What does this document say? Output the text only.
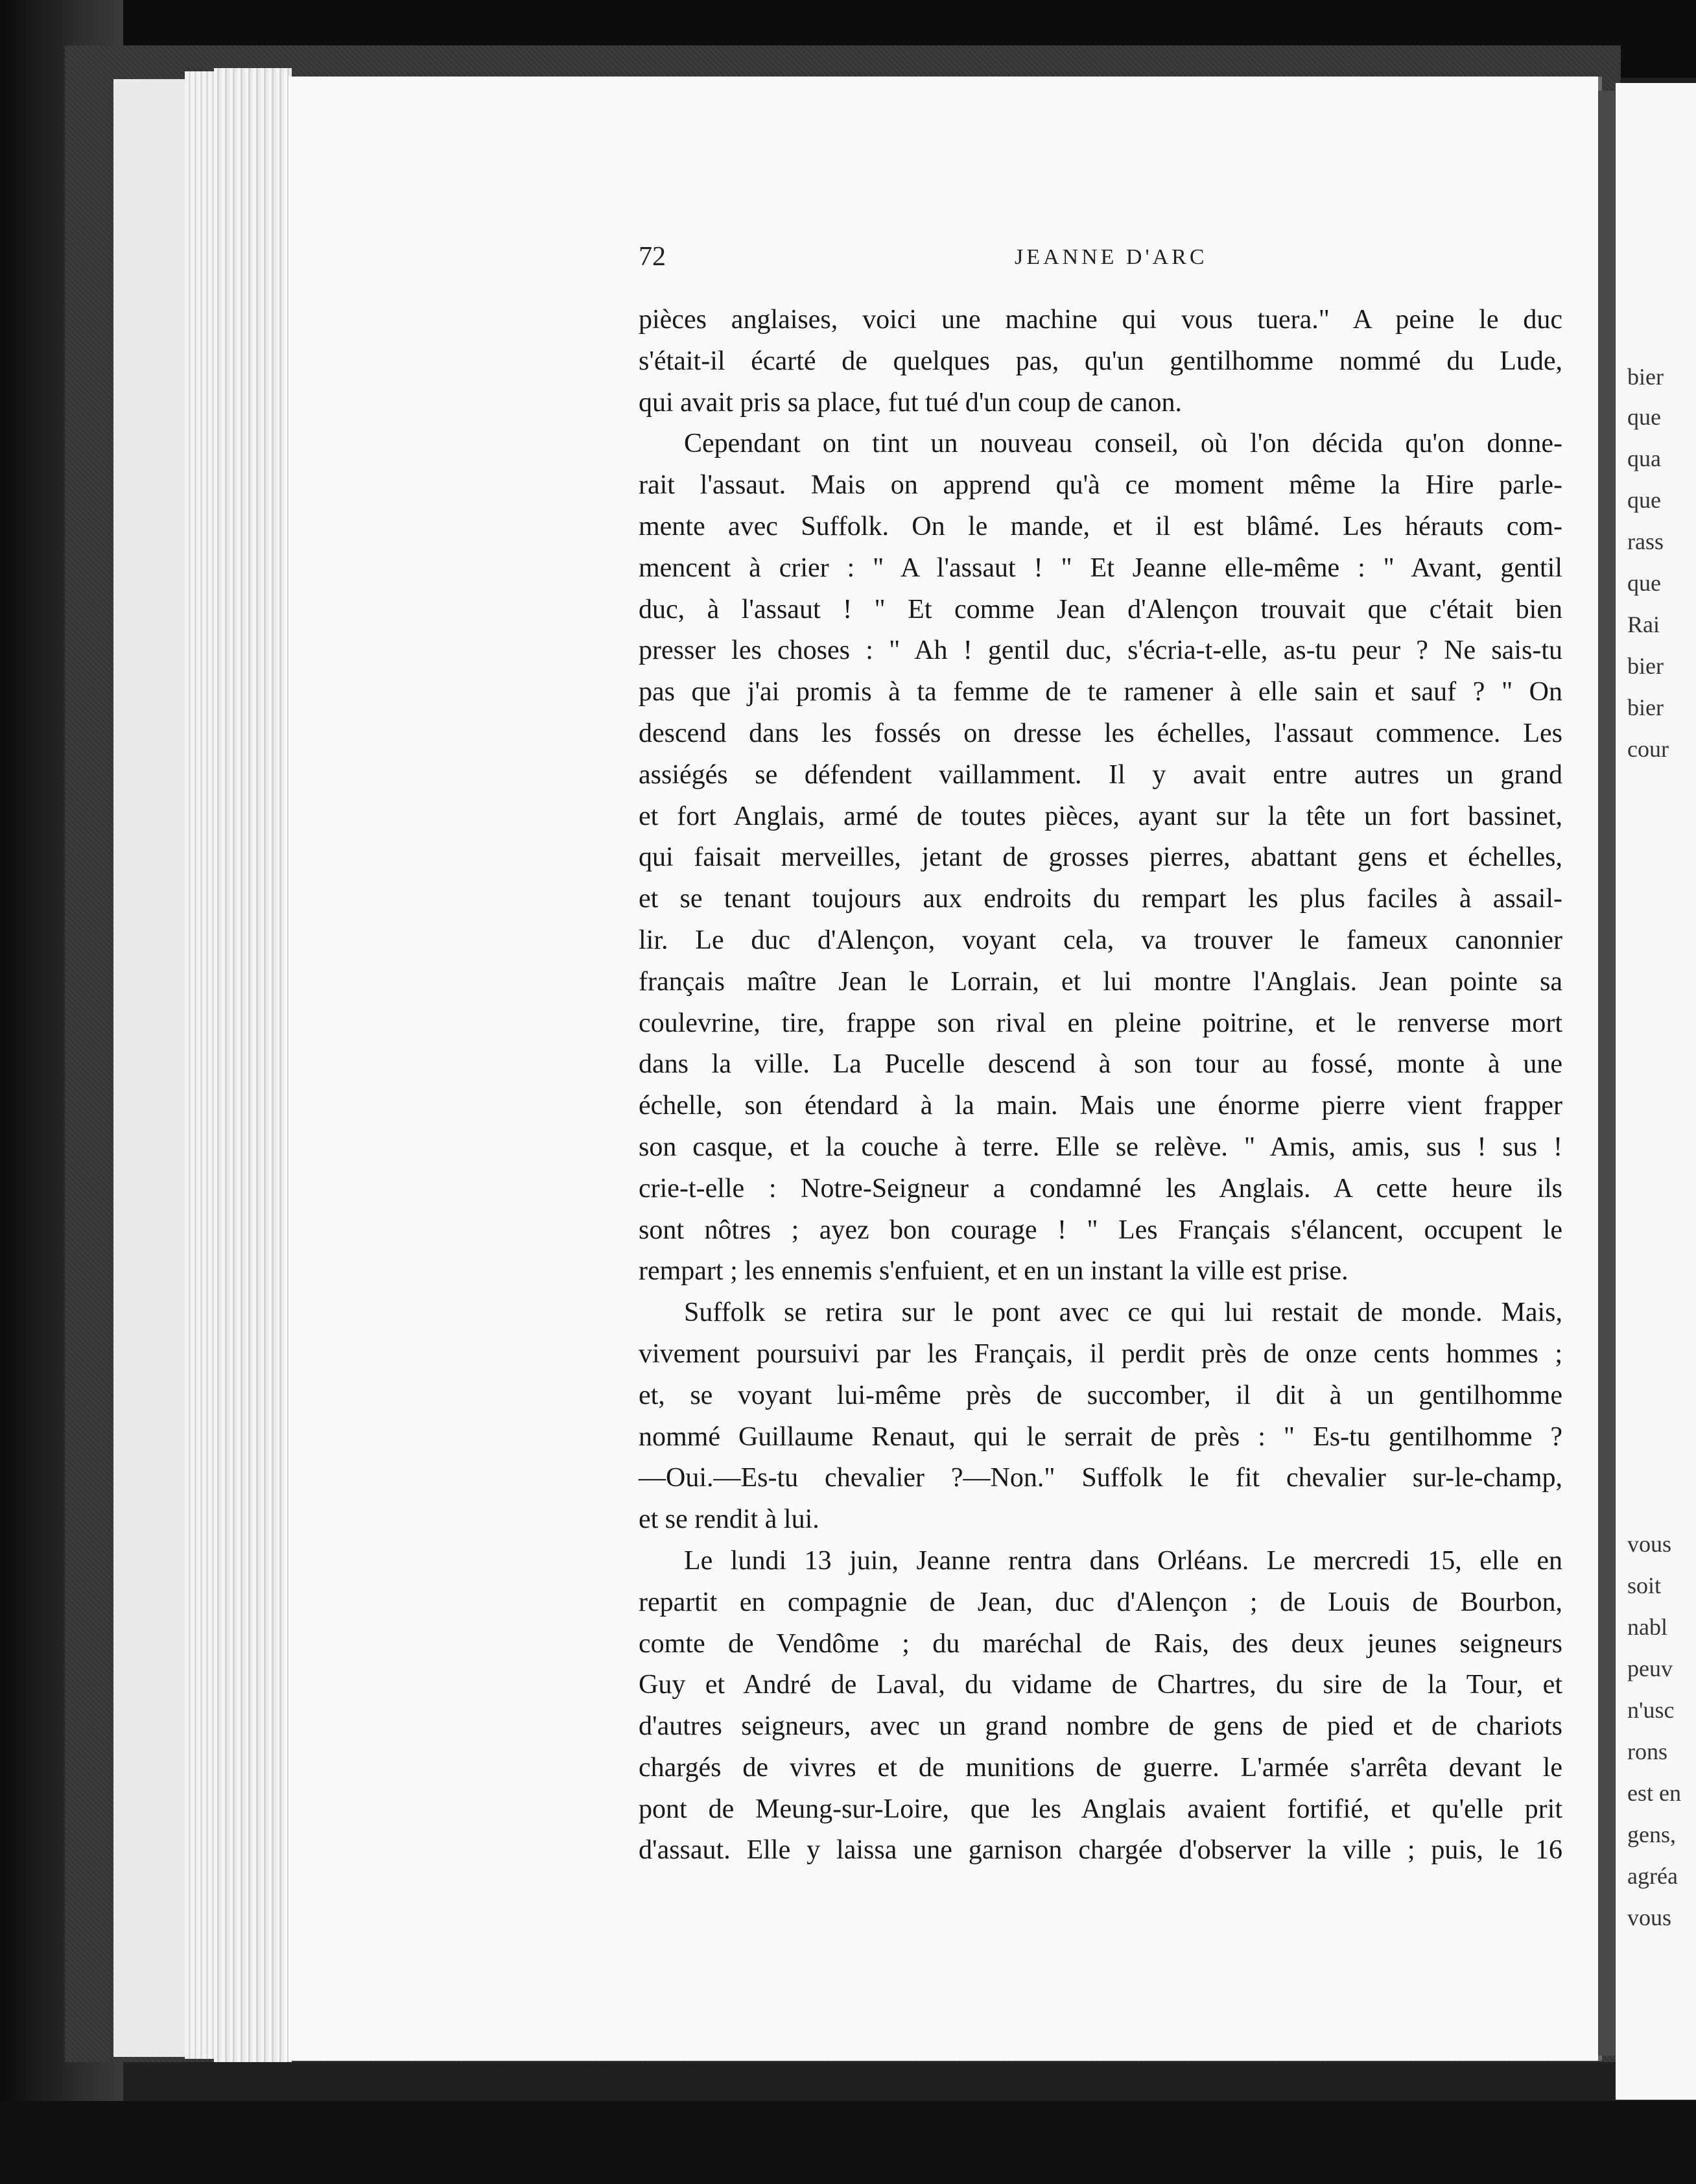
bier
que
qua
que
rass
que
Rai
bier
bier
cour
vous
soit
nabl
peuv
n'usc
rons
est en
gens,
agréa
vous
72	JEANNE D'ARC
pièces anglaises, voici une machine qui vous tuera." A peine le duc
s'était-il écarté de quelques pas, qu'un gentilhomme nommé du Lude,
qui avait pris sa place, fut tué d'un coup de canon.
Cependant on tint un nouveau conseil, où l'on décida qu'on donne-
rait l'assaut. Mais on apprend qu'à ce moment même la Hire parle-
mente avec Suffolk. On le mande, et il est blâmé. Les hérauts com-
mencent à crier : " A l'assaut ! " Et Jeanne elle-même : " Avant, gentil
duc, à l'assaut ! " Et comme Jean d'Alençon trouvait que c'était bien
presser les choses : " Ah ! gentil duc, s'écria-t-elle, as-tu peur ? Ne sais-tu
pas que j'ai promis à ta femme de te ramener à elle sain et sauf ? " On
descend dans les fossés on dresse les échelles, l'assaut commence. Les
assiégés se défendent vaillamment. Il y avait entre autres un grand
et fort Anglais, armé de toutes pièces, ayant sur la tête un fort bassinet,
qui faisait merveilles, jetant de grosses pierres, abattant gens et échelles,
et se tenant toujours aux endroits du rempart les plus faciles à assail-
lir. Le duc d'Alençon, voyant cela, va trouver le fameux canonnier
français maître Jean le Lorrain, et lui montre l'Anglais. Jean pointe sa
coulevrine, tire, frappe son rival en pleine poitrine, et le renverse mort
dans la ville. La Pucelle descend à son tour au fossé, monte à une
échelle, son étendard à la main. Mais une énorme pierre vient frapper
son casque, et la couche à terre. Elle se relève. " Amis, amis, sus ! sus !
crie-t-elle : Notre-Seigneur a condamné les Anglais. A cette heure ils
sont nôtres ; ayez bon courage ! " Les Français s'élancent, occupent le
rempart ; les ennemis s'enfuient, et en un instant la ville est prise.
Suffolk se retira sur le pont avec ce qui lui restait de monde. Mais,
vivement poursuivi par les Français, il perdit près de onze cents hommes ;
et, se voyant lui-même près de succomber, il dit à un gentilhomme
nommé Guillaume Renaut, qui le serrait de près : " Es-tu gentilhomme ?
—Oui.—Es-tu chevalier ?—Non." Suffolk le fit chevalier sur-le-champ,
et se rendit à lui.
Le lundi 13 juin, Jeanne rentra dans Orléans. Le mercredi 15, elle en
repartit en compagnie de Jean, duc d'Alençon ; de Louis de Bourbon,
comte de Vendôme ; du maréchal de Rais, des deux jeunes seigneurs
Guy et André de Laval, du vidame de Chartres, du sire de la Tour, et
d'autres seigneurs, avec un grand nombre de gens de pied et de chariots
chargés de vivres et de munitions de guerre. L'armée s'arrêta devant le
pont de Meung-sur-Loire, que les Anglais avaient fortifié, et qu'elle prit
d'assaut. Elle y laissa une garnison chargée d'observer la ville ; puis, le 16
